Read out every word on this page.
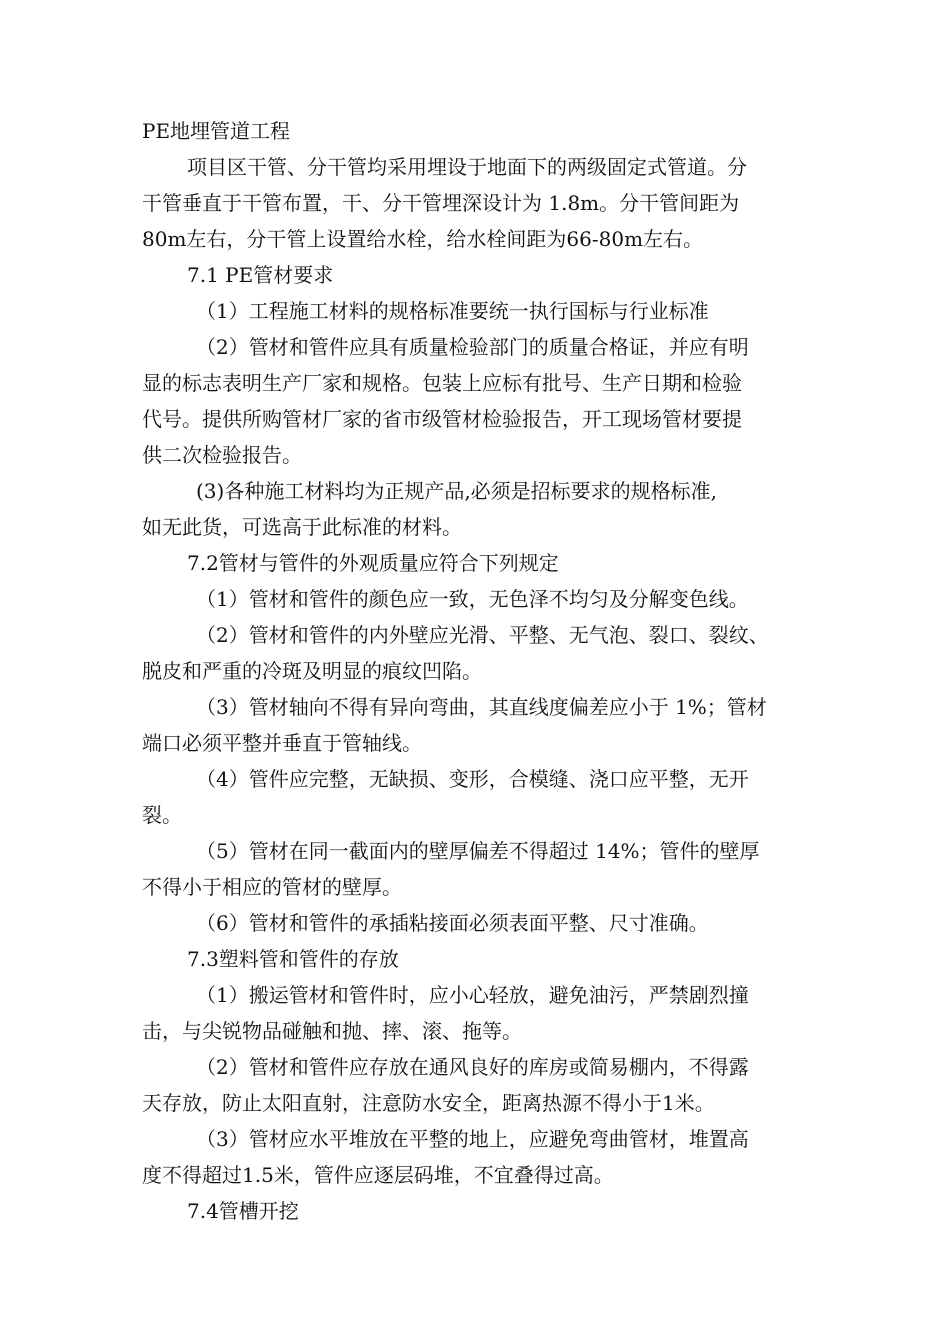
PE地埋管道工程
项目区干管、分干管均采用埋设于地面下的两级固定式管道。分
干管垂直于干管布置，干、分干管埋深设计为 1.8m。分干管间距为
80m左右，分干管上设置给水栓，给水栓间距为66-80m左右。
7.1 PE管材要求
（1）工程施工材料的规格标准要统一执行国标与行业标准
（2）管材和管件应具有质量检验部门的质量合格证，并应有明
显的标志表明生产厂家和规格。包装上应标有批号、生产日期和检验
代号。提供所购管材厂家的省市级管材检验报告，开工现场管材要提
供二次检验报告。
(3)各种施工材料均为正规产品,必须是招标要求的规格标准,
如无此货，可选高于此标准的材料。
7.2管材与管件的外观质量应符合下列规定
（1）管材和管件的颜色应一致，无色泽不均匀及分解变色线。
（2）管材和管件的内外壁应光滑、平整、无气泡、裂口、裂纹、
脱皮和严重的冷斑及明显的痕纹凹陷。
（3）管材轴向不得有异向弯曲，其直线度偏差应小于 1%；管材
端口必须平整并垂直于管轴线。
（4）管件应完整，无缺损、变形，合模缝、浇口应平整，无开
裂。
（5）管材在同一截面内的壁厚偏差不得超过 14%；管件的壁厚
不得小于相应的管材的壁厚。
（6）管材和管件的承插粘接面必须表面平整、尺寸准确。
7.3塑料管和管件的存放
（1）搬运管材和管件时，应小心轻放，避免油污，严禁剧烈撞
击，与尖锐物品碰触和抛、摔、滚、拖等。
（2）管材和管件应存放在通风良好的库房或简易棚内，不得露
天存放，防止太阳直射，注意防水安全，距离热源不得小于1米。
（3）管材应水平堆放在平整的地上，应避免弯曲管材，堆置高
度不得超过1.5米，管件应逐层码堆，不宜叠得过高。
7.4管槽开挖
